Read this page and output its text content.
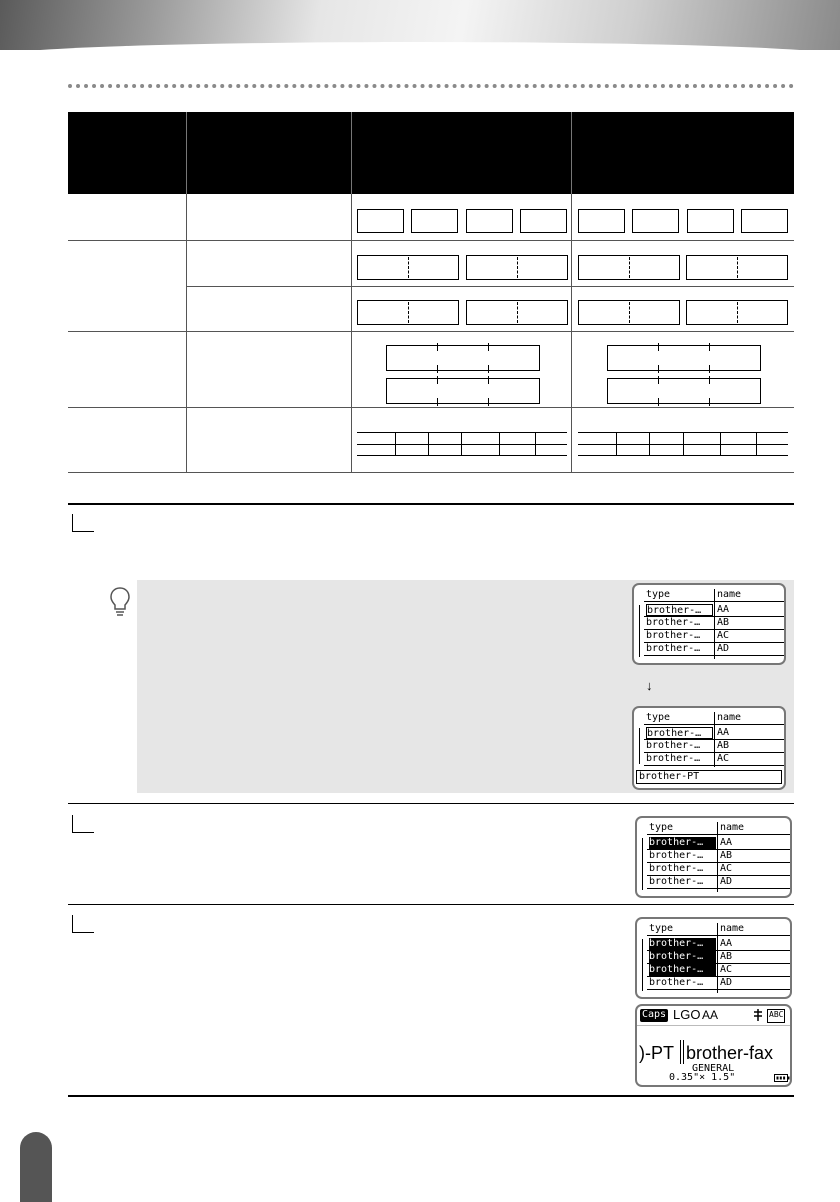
type	name
brother-…	AA
brother-… AB
brother-… AC
brother-… AD
↓
type	name
brother-…	AA
brother-… AB
brother-… AC
brother-PT
type	name
brother-…	AA
brother-… AB
brother-… AC
brother-… AD
type	name
brother-…	AA
brother-…	AB
brother-…	AC
brother-… AD
Caps LGO AA	ABC
)-PT brother-fax
GENERAL
0.35"× 1.5"
